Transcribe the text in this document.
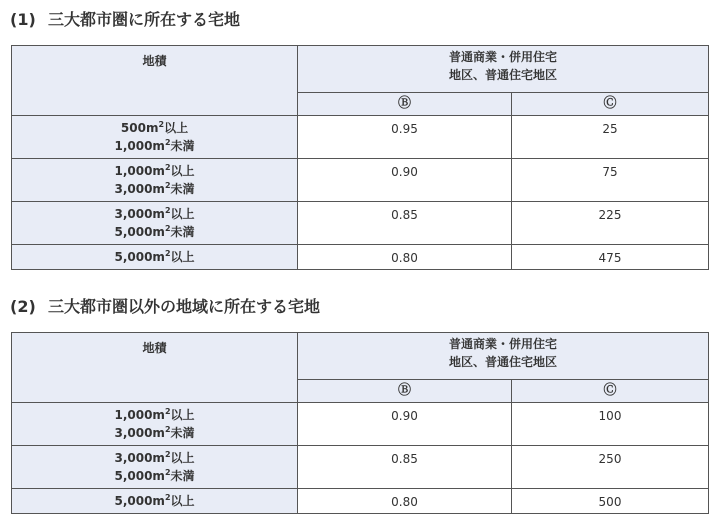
(1) 三大都市圏に所在する宅地
地積	普通商業・併用住宅
地区、普通住宅地区	

	Ⓑ	Ⓒ

$500m^2$以上
$1,000m^2$未満	0.95	25

$1,000m^2$以上
$3,000m^2$未満	0.90	75

$3,000m^2$以上
$5,000m^2$未満	0.85	225

$5,000m^2$以上	0.80	475
(2) 三大都市圏以外の地域に所在する宅地
地積	普通商業・併用住宅
地区、普通住宅地区	

	Ⓑ	Ⓒ

$1,000m^2$以上
$3,000m^2$未満	0.90	100

$3,000m^2$以上
$5,000m^2$未満	0.85	250

$5,000m^2$以上	0.80	500
